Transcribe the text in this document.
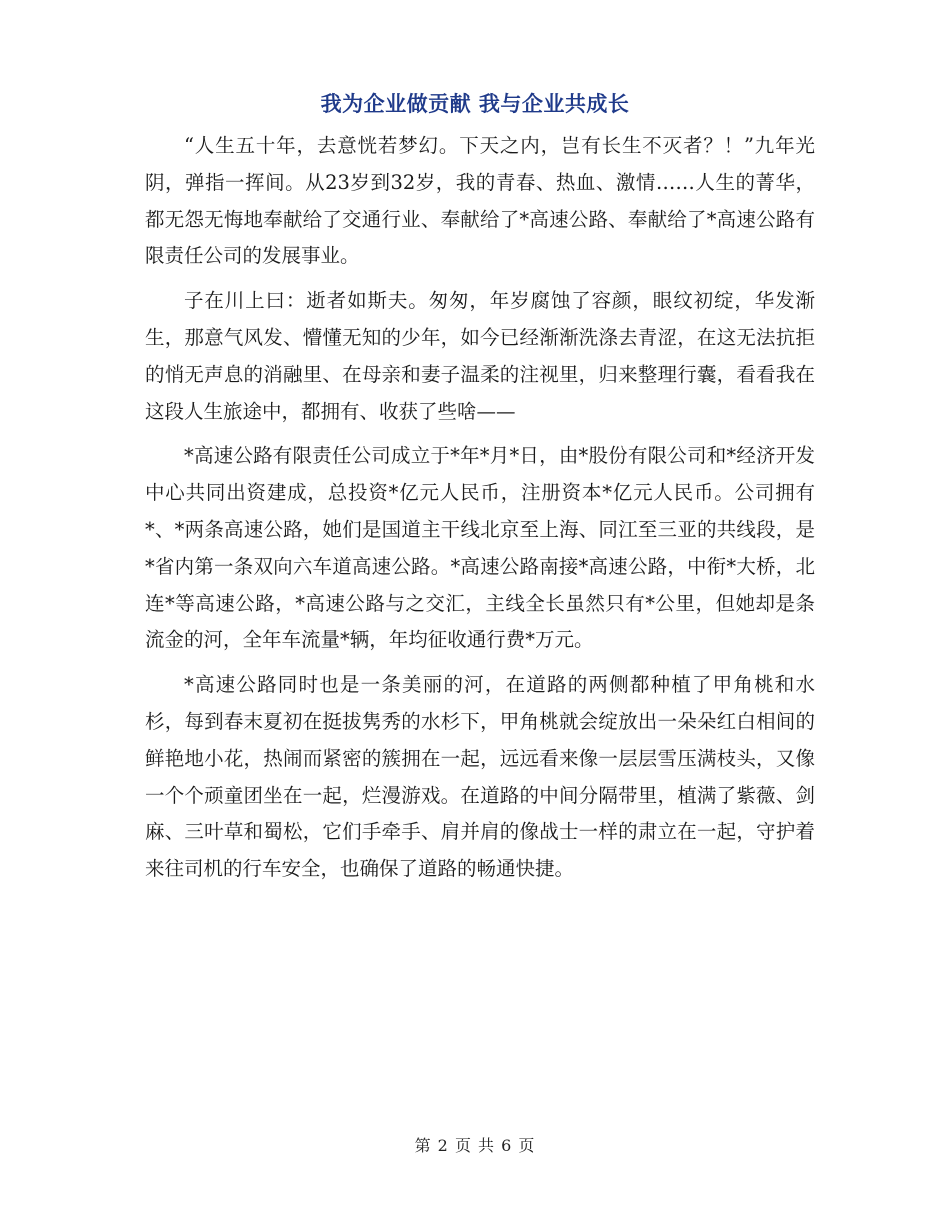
我为企业做贡献 我与企业共成长

“人生五十年，去意恍若梦幻。下天之内，岂有长生不灭者？！”九年光阴，弹指一挥间。从23岁到32岁，我的青春、热血、激情……人生的菁华，都无怨无悔地奉献给了交通行业、奉献给了*高速公路、奉献给了*高速公路有限责任公司的发展事业。

子在川上曰：逝者如斯夫。匆匆，年岁腐蚀了容颜，眼纹初绽，华发渐生，那意气风发、懵懂无知的少年，如今已经渐渐洗涤去青涩，在这无法抗拒的悄无声息的消融里、在母亲和妻子温柔的注视里，归来整理行囊，看看我在这段人生旅途中，都拥有、收获了些啥——

*高速公路有限责任公司成立于*年*月*日，由*股份有限公司和*经济开发中心共同出资建成，总投资*亿元人民币，注册资本*亿元人民币。公司拥有*、*两条高速公路，她们是国道主干线北京至上海、同江至三亚的共线段，是*省内第一条双向六车道高速公路。*高速公路南接*高速公路，中衔*大桥，北连*等高速公路，*高速公路与之交汇，主线全长虽然只有*公里，但她却是条流金的河，全年车流量*辆，年均征收通行费*万元。

*高速公路同时也是一条美丽的河，在道路的两侧都种植了甲角桃和水杉，每到春末夏初在挺拔隽秀的水杉下，甲角桃就会绽放出一朵朵红白相间的鲜艳地小花，热闹而紧密的簇拥在一起，远远看来像一层层雪压满枝头，又像一个个顽童团坐在一起，烂漫游戏。在道路的中间分隔带里，植满了紫薇、剑麻、三叶草和蜀松，它们手牵手、肩并肩的像战士一样的肃立在一起，守护着来往司机的行车安全，也确保了道路的畅通快捷。

第 2 页 共 6 页
